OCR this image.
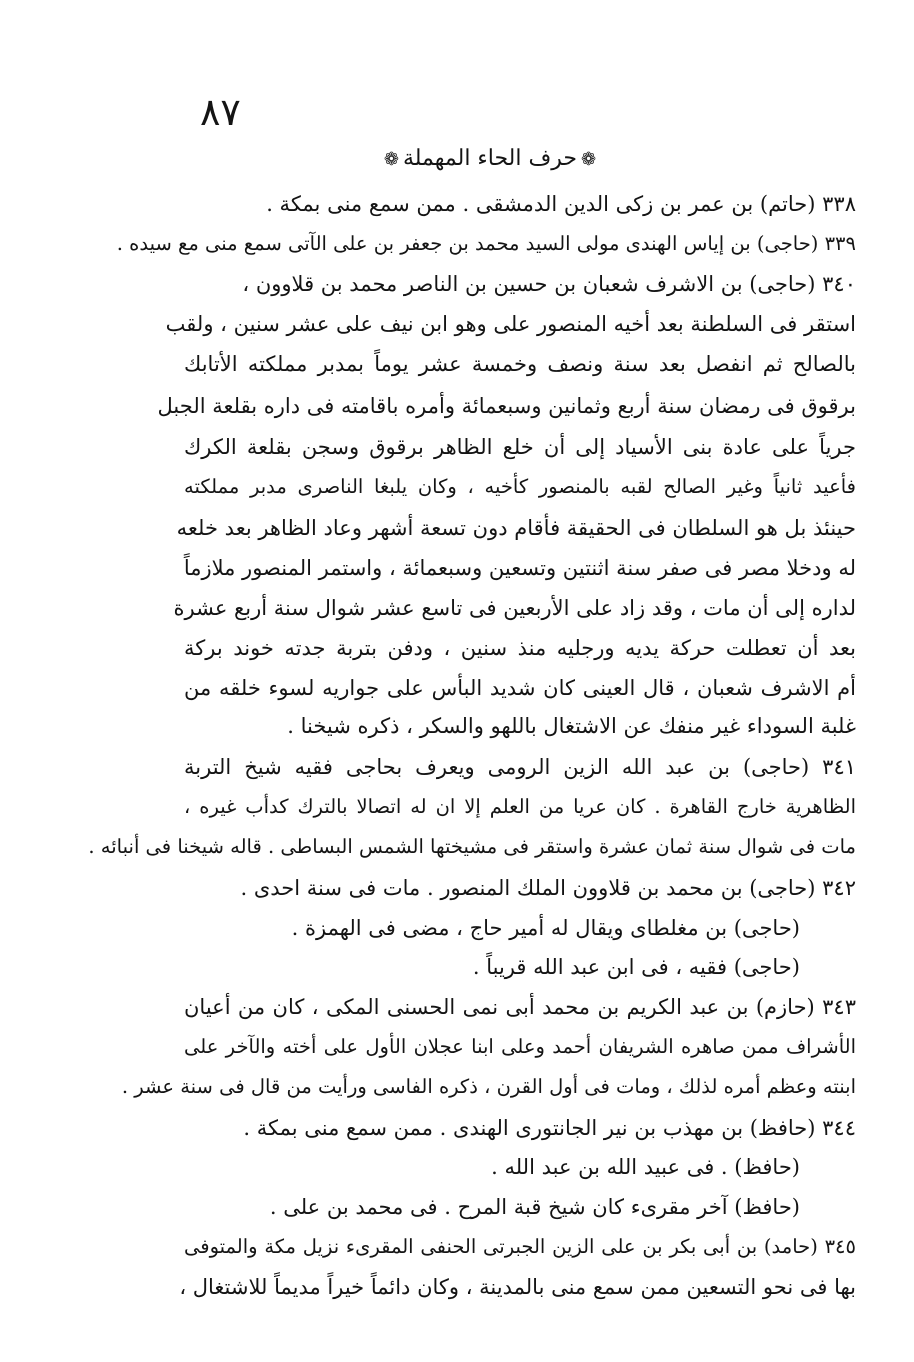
٨٧
❁حرف الحاء المهملة❁
٣٣٨ (حاتم) بن عمر بن زكى الدين الدمشقى . ممن سمع منى بمكة .
٣٣٩ (حاجى) بن إياس الهندى مولى السيد محمد بن جعفر بن على الآتى سمع منى مع سيده .
٣٤٠ (حاجى) بن الاشرف شعبان بن حسين بن الناصر محمد بن قلاوون ،
استقر فى السلطنة بعد أخيه المنصور على وهو ابن نيف على عشر سنين ، ولقب
بالصالح ثم انفصل بعد سنة ونصف وخمسة عشر يوماً بمدبر مملكته الأتابك
برقوق فى رمضان سنة أربع وثمانين وسبعمائة وأمره باقامته فى داره بقلعة الجبل
جرياً على عادة بنى الأسياد إلى أن خلع الظاهر برقوق وسجن بقلعة الكرك
فأعيد ثانياً وغير الصالح لقبه بالمنصور كأخيه ، وكان يلبغا الناصرى مدبر مملكته
حينئذ بل هو السلطان فى الحقيقة فأقام دون تسعة أشهر وعاد الظاهر بعد خلعه
له ودخلا مصر فى صفر سنة اثنتين وتسعين وسبعمائة ، واستمر المنصور ملازماً
لداره إلى أن مات ، وقد زاد على الأربعين فى تاسع عشر شوال سنة أربع عشرة
بعد أن تعطلت حركة يديه ورجليه منذ سنين ، ودفن بتربة جدته خوند بركة
أم الاشرف شعبان ، قال العينى كان شديد البأس على جواريه لسوء خلقه من
غلبة السوداء غير منفك عن الاشتغال باللهو والسكر ، ذكره شيخنا .
٣٤١ (حاجى) بن عبد الله الزين الرومى ويعرف بحاجى فقيه شيخ التربة
الظاهرية خارج القاهرة . كان عريا من العلم إلا ان له اتصالا بالترك كدأب غيره ،
مات فى شوال سنة ثمان عشرة واستقر فى مشيختها الشمس البساطى . قاله شيخنا فى أنبائه .
٣٤٢ (حاجى) بن محمد بن قلاوون الملك المنصور . مات فى سنة احدى .
(حاجى) بن مغلطاى ويقال له أمير حاج ، مضى فى الهمزة .
(حاجى) فقيه ، فى ابن عبد الله قريباً .
٣٤٣ (حازم) بن عبد الكريم بن محمد أبى نمى الحسنى المكى ، كان من أعيان
الأشراف ممن صاهره الشريفان أحمد وعلى ابنا عجلان الأول على أخته والآخر على
ابنته وعظم أمره لذلك ، ومات فى أول القرن ، ذكره الفاسى ورأيت من قال فى سنة عشر .
٣٤٤ (حافظ) بن مهذب بن نير الجانتورى الهندى . ممن سمع منى بمكة .
(حافظ) . فى عبيد الله بن عبد الله .
(حافظ) آخر مقرىء كان شيخ قبة المرح . فى محمد بن على .
٣٤٥ (حامد) بن أبى بكر بن على الزين الجبرتى الحنفى المقرىء نزيل مكة والمتوفى
بها فى نحو التسعين ممن سمع منى بالمدينة ، وكان دائماً خيراً مديماً للاشتغال ،
